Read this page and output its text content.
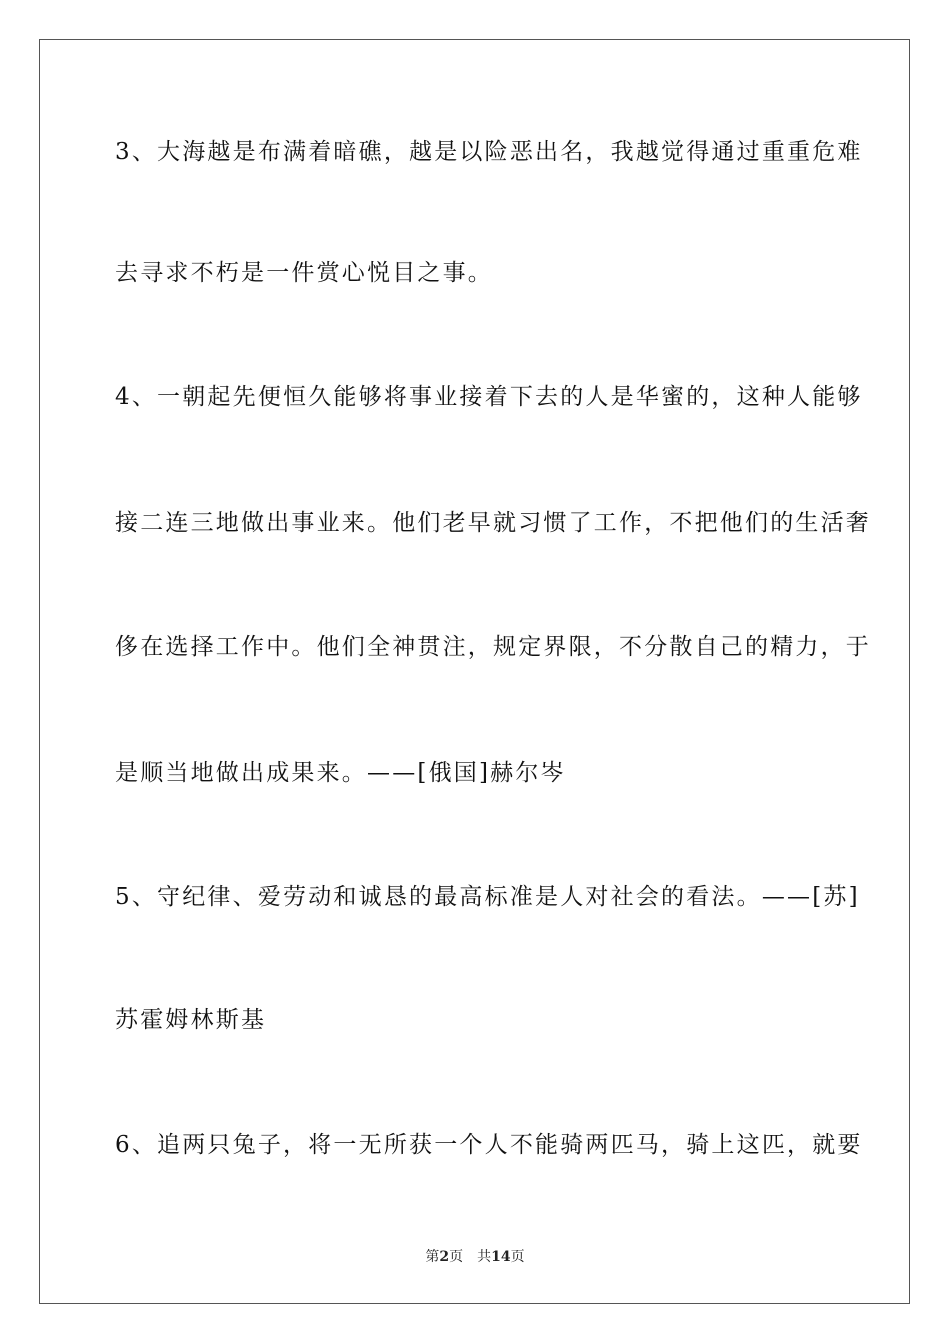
3、大海越是布满着暗礁，越是以险恶出名，我越觉得通过重重危难
去寻求不朽是一件赏心悦目之事。
4、一朝起先便恒久能够将事业接着下去的人是华蜜的，这种人能够
接二连三地做出事业来。他们老早就习惯了工作，不把他们的生活奢
侈在选择工作中。他们全神贯注，规定界限，不分散自己的精力，于
是顺当地做出成果来。——[俄国]赫尔岑
5、守纪律、爱劳动和诚恳的最高标准是人对社会的看法。——[苏]
苏霍姆林斯基
6、追两只兔子，将一无所获一个人不能骑两匹马，骑上这匹，就要
第2页 共14页
